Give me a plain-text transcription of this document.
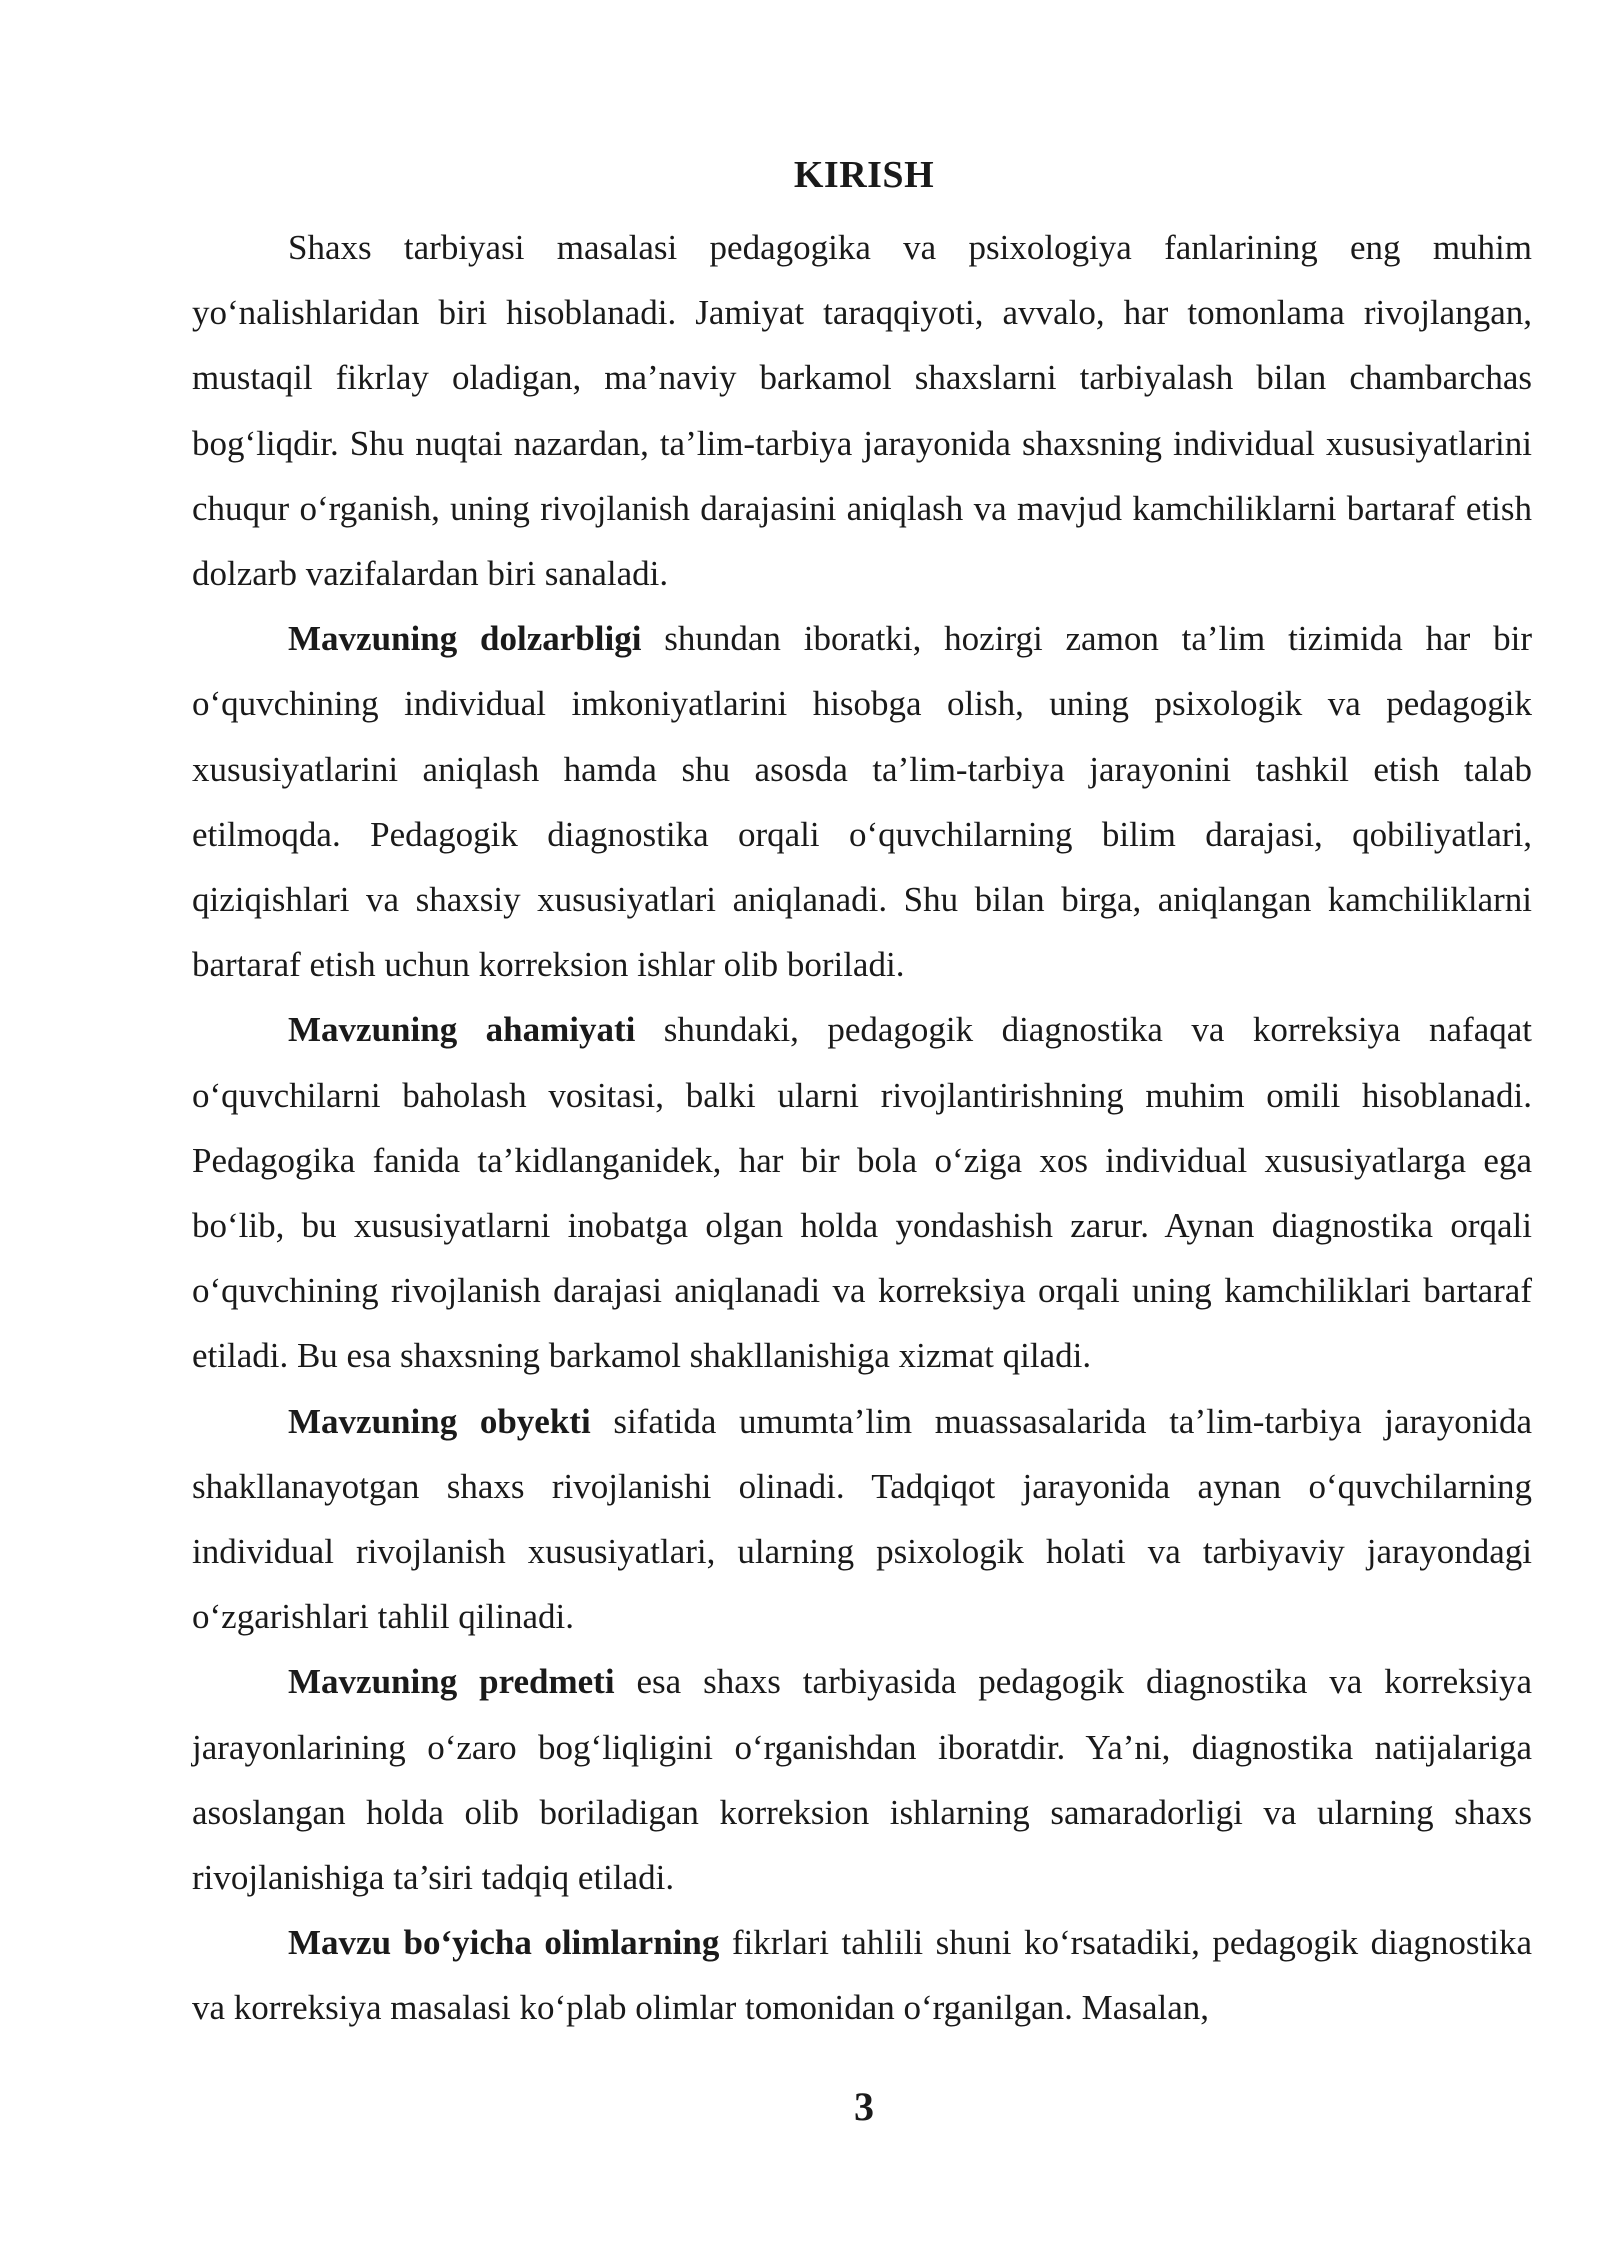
KIRISH

Shaxs tarbiyasi masalasi pedagogika va psixologiya fanlarining eng muhim yo‘nalishlaridan biri hisoblanadi. Jamiyat taraqqiyoti, avvalo, har tomonlama rivojlangan, mustaqil fikrlay oladigan, ma’naviy barkamol shaxslarni tarbiyalash bilan chambarchas bog‘liqdir. Shu nuqtai nazardan, ta’lim-tarbiya jarayonida shaxsning individual xususiyatlarini chuqur o‘rganish, uning rivojlanish darajasini aniqlash va mavjud kamchiliklarni bartaraf etish dolzarb vazifalardan biri sanaladi.

Mavzuning dolzarbligi shundan iboratki, hozirgi zamon ta’lim tizimida har bir o‘quvchining individual imkoniyatlarini hisobga olish, uning psixologik va pedagogik xususiyatlarini aniqlash hamda shu asosda ta’lim-tarbiya jarayonini tashkil etish talab etilmoqda. Pedagogik diagnostika orqali o‘quvchilarning bilim darajasi, qobiliyatlari, qiziqishlari va shaxsiy xususiyatlari aniqlanadi. Shu bilan birga, aniqlangan kamchiliklarni bartaraf etish uchun korreksion ishlar olib boriladi.

Mavzuning ahamiyati shundaki, pedagogik diagnostika va korreksiya nafaqat o‘quvchilarni baholash vositasi, balki ularni rivojlantirishning muhim omili hisoblanadi. Pedagogika fanida ta’kidlanganidek, har bir bola o‘ziga xos individual xususiyatlarga ega bo‘lib, bu xususiyatlarni inobatga olgan holda yondashish zarur. Aynan diagnostika orqali o‘quvchining rivojlanish darajasi aniqlanadi va korreksiya orqali uning kamchiliklari bartaraf etiladi. Bu esa shaxsning barkamol shakllanishiga xizmat qiladi.

Mavzuning obyekti sifatida umumta’lim muassasalarida ta’lim-tarbiya jarayonida shakllanayotgan shaxs rivojlanishi olinadi. Tadqiqot jarayonida aynan o‘quvchilarning individual rivojlanish xususiyatlari, ularning psixologik holati va tarbiyaviy jarayondagi o‘zgarishlari tahlil qilinadi.

Mavzuning predmeti esa shaxs tarbiyasida pedagogik diagnostika va korreksiya jarayonlarining o‘zaro bog‘liqligini o‘rganishdan iboratdir. Ya’ni, diagnostika natijalariga asoslangan holda olib boriladigan korreksion ishlarning samaradorligi va ularning shaxs rivojlanishiga ta’siri tadqiq etiladi.

Mavzu bo‘yicha olimlarning fikrlari tahlili shuni ko‘rsatadiki, pedagogik diagnostika va korreksiya masalasi ko‘plab olimlar tomonidan o‘rganilgan. Masalan,

3
